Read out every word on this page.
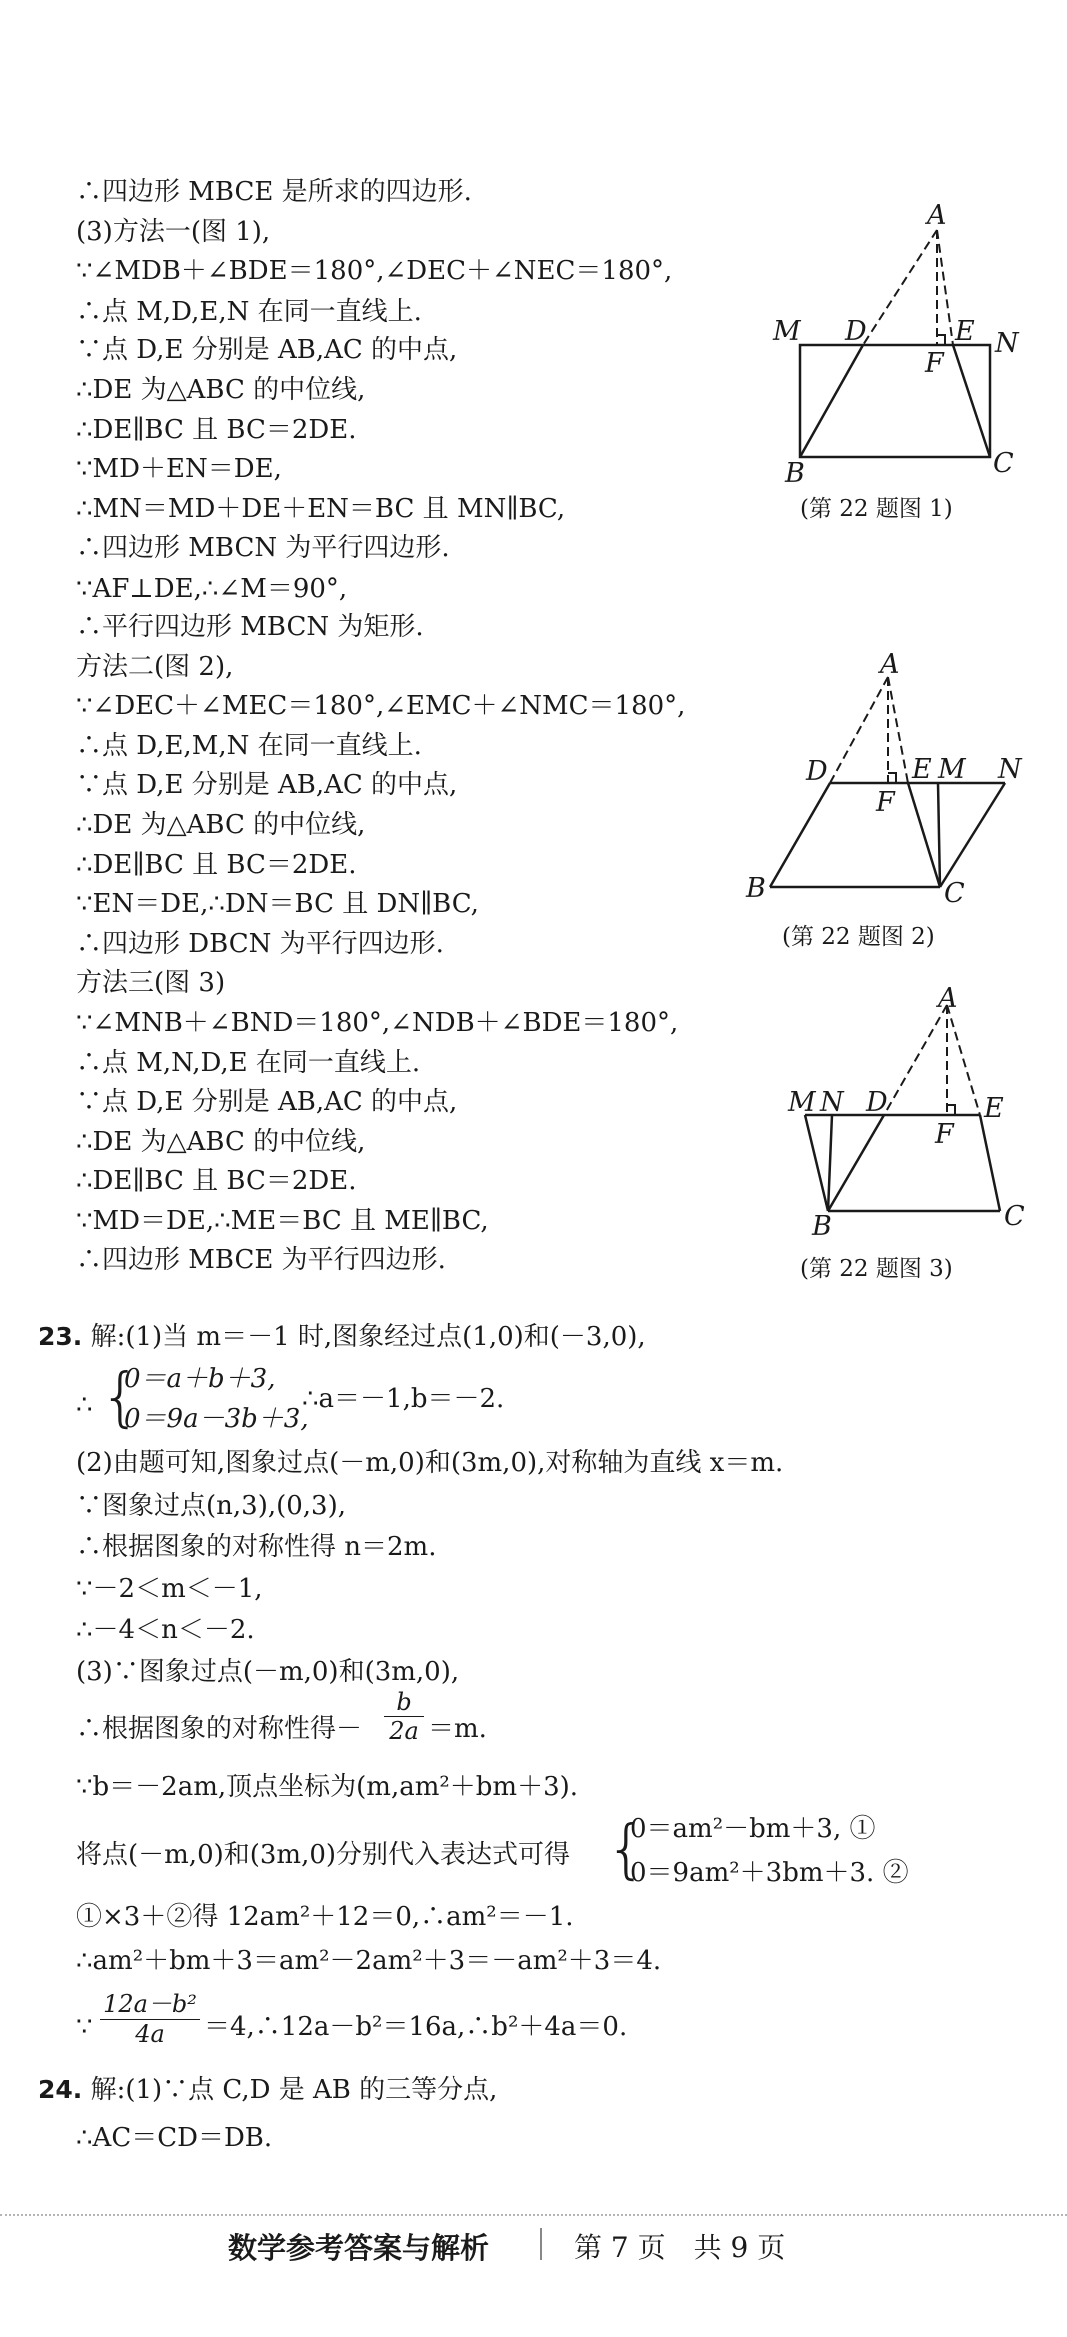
∴四边形 MBCE 是所求的四边形.
(3)方法一(图 1),
∵∠MDB＋∠BDE＝180°,∠DEC＋∠NEC＝180°,
∴点 M,D,E,N 在同一直线上.
∵点 D,E 分别是 AB,AC 的中点,
∴DE 为△ABC 的中位线,
∴DE∥BC 且 BC＝2DE.
∵MD＋EN＝DE,
∴MN＝MD＋DE＋EN＝BC 且 MN∥BC,
∴四边形 MBCN 为平行四边形.
∵AF⊥DE,∴∠M＝90°,
∴平行四边形 MBCN 为矩形.
方法二(图 2),
∵∠DEC＋∠MEC＝180°,∠EMC＋∠NMC＝180°,
∴点 D,E,M,N 在同一直线上.
∵点 D,E 分别是 AB,AC 的中点,
∴DE 为△ABC 的中位线,
∴DE∥BC 且 BC＝2DE.
∵EN＝DE,∴DN＝BC 且 DN∥BC,
∴四边形 DBCN 为平行四边形.
方法三(图 3)
∵∠MNB＋∠BND＝180°,∠NDB＋∠BDE＝180°,
∴点 M,N,D,E 在同一直线上.
∵点 D,E 分别是 AB,AC 的中点,
∴DE 为△ABC 的中位线,
∴DE∥BC 且 BC＝2DE.
∵MD＝DE,∴ME＝BC 且 ME∥BC,
∴四边形 MBCE 为平行四边形.
A
M D	E N
F
B	C
(第 22 题图 1)
A
D	E M N
F
B	C
(第 22 题图 2)
A
M N D	E
F
B	C
(第 22 题图 3)
23. 解:(1)当 m＝－1 时,图象经过点(1,0)和(－3,0),
∴ {
0＝a＋b＋3,
0＝9a－3b＋3,
∴a＝－1,b＝－2.
(2)由题可知,图象过点(－m,0)和(3m,0),对称轴为直线 x＝m.
∵图象过点(n,3),(0,3),
∴根据图象的对称性得 n＝2m.
∵－2＜m＜－1,
∴－4＜n＜－2.
(3)∵图象过点(－m,0)和(3m,0),
∴根据图象的对称性得－ $\frac{b}{2a} =m$.
∵b＝－2am,顶点坐标为(m,am²＋bm＋3).
将点(－m,0)和(3m,0)分别代入表达式可得 {
0＝am²－bm＋3, ①
0＝9am²＋3bm＋3. ②
①×3＋②得 12am²＋12＝0,∴am²＝－1.
∴am²＋bm＋3＝am²－2am²＋3＝－am²＋3＝4.
∵ $\frac{\text{12a－b²}}{4a}$ ＝4,∴12a－b²＝16a,∴b²＋4a＝0.
24. 解:(1)∵点 C,D 是 AB 的三等分点,
∴AC＝CD＝DB.
数学参考答案与解析	第 7 页　共 9 页
